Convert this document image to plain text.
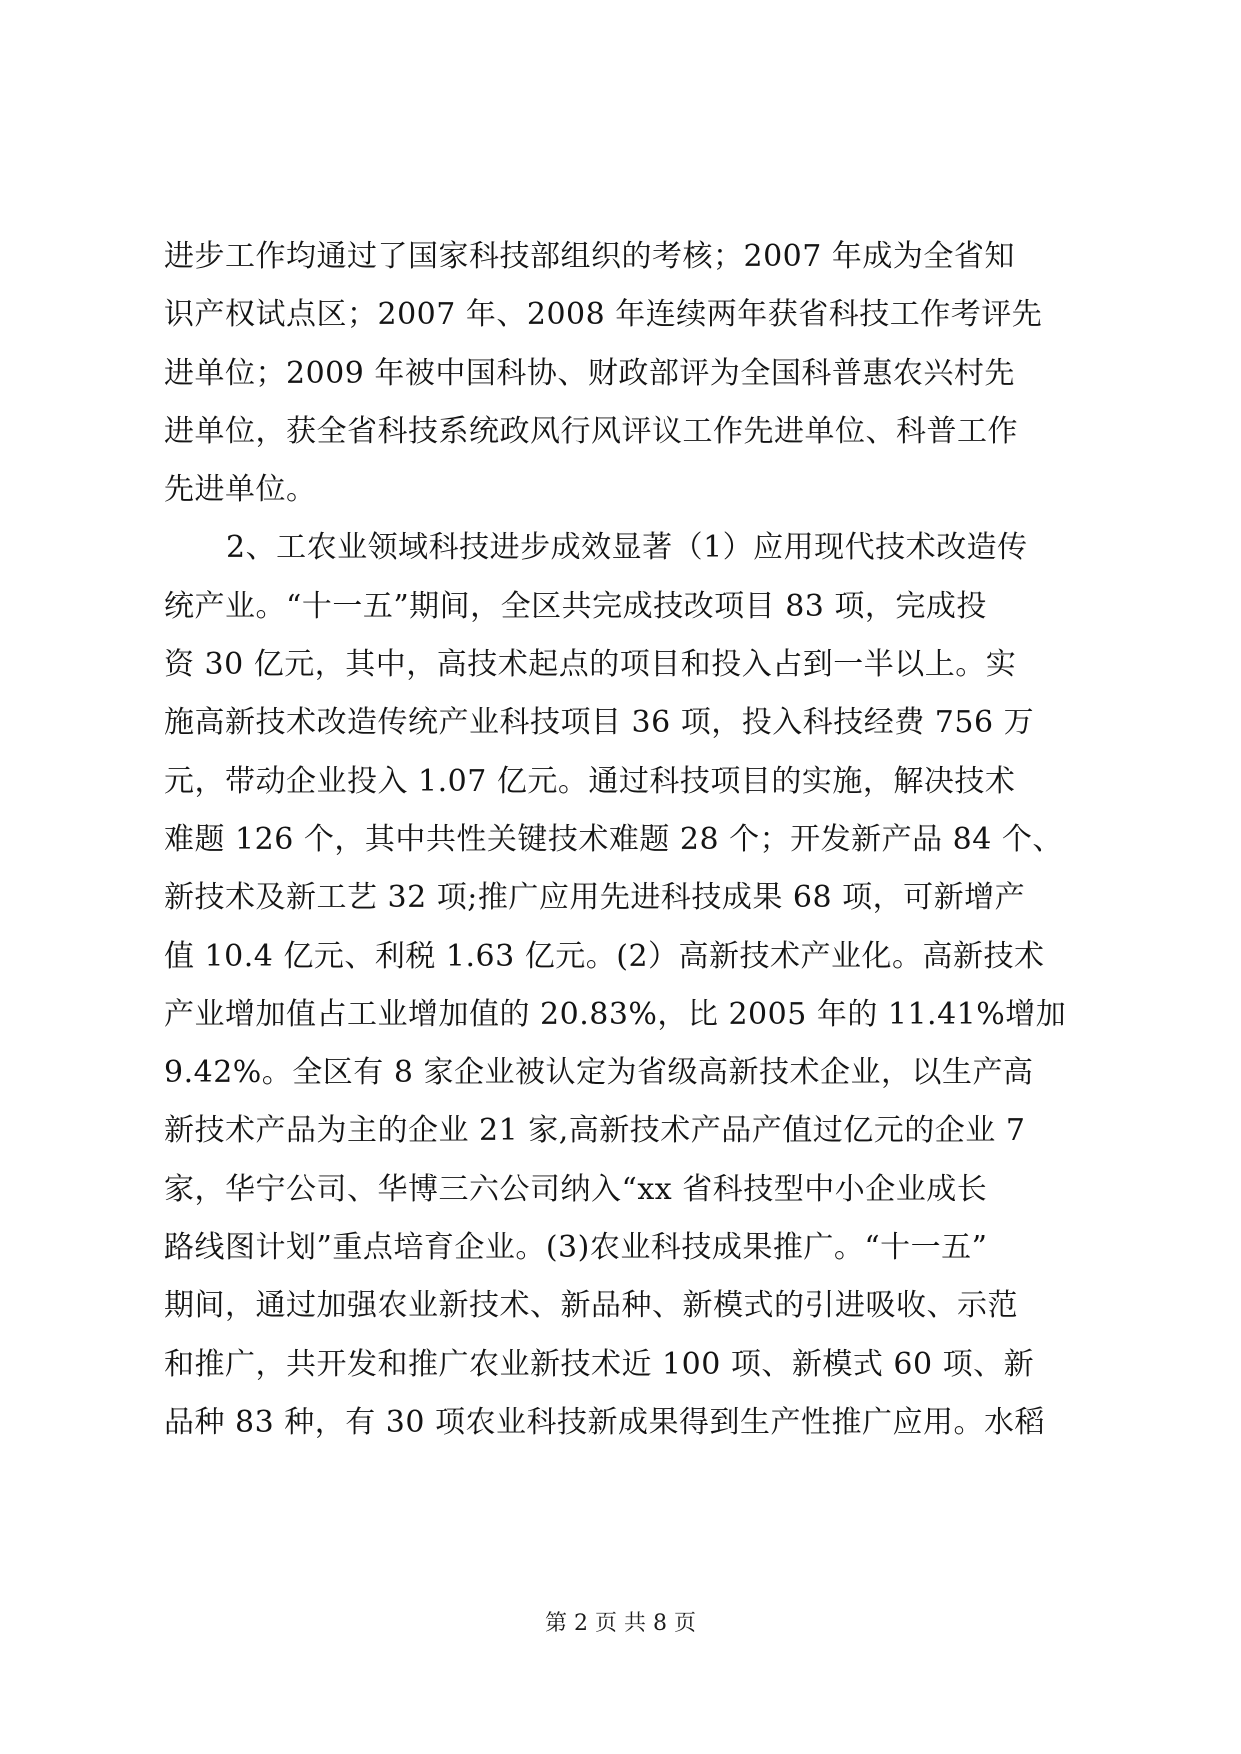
进步工作均通过了国家科技部组织的考核；2007 年成为全省知
识产权试点区；2007 年、2008 年连续两年获省科技工作考评先
进单位；2009 年被中国科协、财政部评为全国科普惠农兴村先
进单位，获全省科技系统政风行风评议工作先进单位、科普工作
先进单位。
2、工农业领域科技进步成效显著（1）应用现代技术改造传
统产业。“十一五”期间，全区共完成技改项目 83 项，完成投
资 30 亿元，其中，高技术起点的项目和投入占到一半以上。实
施高新技术改造传统产业科技项目 36 项，投入科技经费 756 万
元，带动企业投入 1.07 亿元。通过科技项目的实施，解决技术
难题 126 个，其中共性关键技术难题 28 个；开发新产品 84 个、
新技术及新工艺 32 项;推广应用先进科技成果 68 项，可新增产
值 10.4 亿元、利税 1.63 亿元。(2）高新技术产业化。高新技术
产业增加值占工业增加值的 20.83%，比 2005 年的 11.41%增加
9.42%。全区有 8 家企业被认定为省级高新技术企业，以生产高
新技术产品为主的企业 21 家,高新技术产品产值过亿元的企业 7
家，华宁公司、华博三六公司纳入“xx 省科技型中小企业成长
路线图计划”重点培育企业。(3)农业科技成果推广。“十一五”
期间，通过加强农业新技术、新品种、新模式的引进吸收、示范
和推广，共开发和推广农业新技术近 100 项、新模式 60 项、新
品种 83 种，有 30 项农业科技新成果得到生产性推广应用。水稻
第 2 页 共 8 页
